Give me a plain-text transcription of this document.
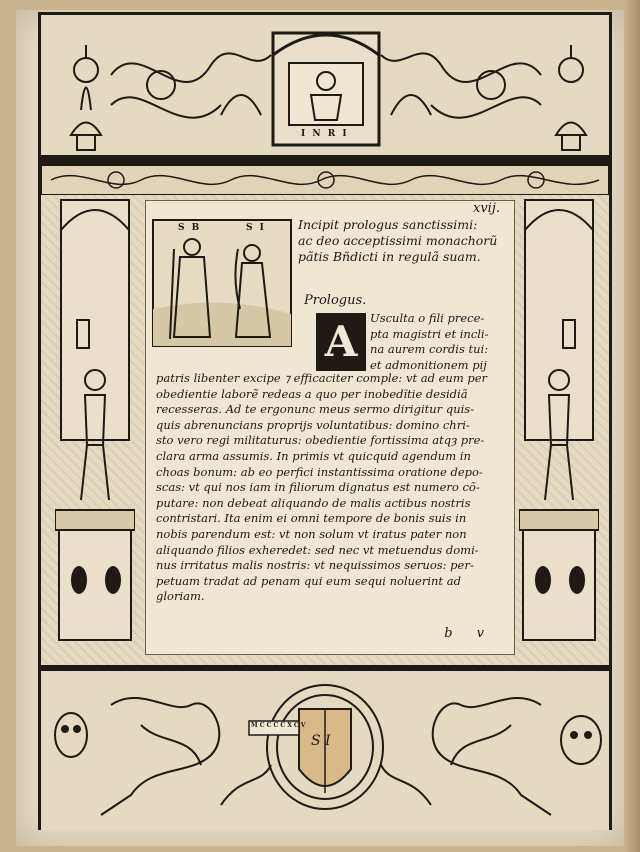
I N R I
xvij.
S B	S I	Incipit prologus sanctissimi:
ac deo acceptissimi monachorũ
pãtis Bñdicti in regulã suam.
Prologus.
A	Usculta o fili prece-
pta magistri et incli-
na aurem cordis tui:
et admonitionem pij
patris libenter excipe ⁊ efficaciter comple: vt ad eum per
obedientie laborẽ redeas a quo per inobedĩtie desidiã
recesseras. Ad te ergonunc meus sermo dirigitur quis-
quis abrenuncians proprijs voluntatibus: domino chri-
sto vero regi militaturus: obedientie fortissima atqȝ pre-
clara arma assumis. In primis vt quicquid agendum in
choas bonum: ab eo perfici instantissima oratione depo-
scas: vt qui nos iam in filiorum dignatus est numero cõ-
putare: non debeat aliquando de malis actibus nostris
contristari. Ita enim ei omni tempore de bonis suis in
nobis parendum est: vt non solum vt iratus pater non
aliquando filios exheredet: sed nec vt metuendus domi-
nus irritatus malis nostris: vt nequissimos seruos: per-
petuam tradat ad penam qui eum sequi noluerint ad
gloriam.
b v
S I
M C C C C X C V
